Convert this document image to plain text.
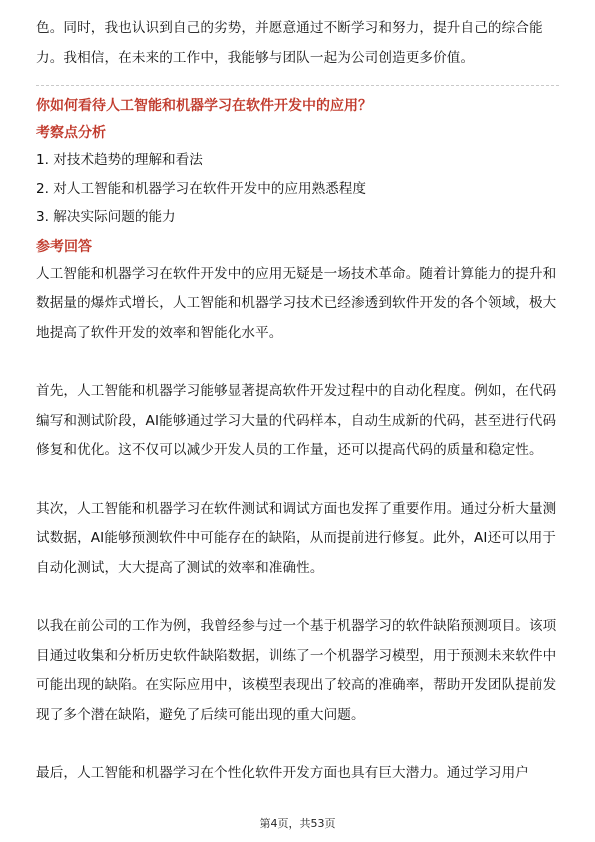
色。同时，我也认识到自己的劣势，并愿意通过不断学习和努力，提升自己的综合能力。我相信，在未来的工作中，我能够与团队一起为公司创造更多价值。

你如何看待人工智能和机器学习在软件开发中的应用？

考察点分析

1. 对技术趋势的理解和看法
2. 对人工智能和机器学习在软件开发中的应用熟悉程度
3. 解决实际问题的能力

参考回答

人工智能和机器学习在软件开发中的应用无疑是一场技术革命。随着计算能力的提升和数据量的爆炸式增长，人工智能和机器学习技术已经渗透到软件开发的各个领域，极大地提高了软件开发的效率和智能化水平。

首先，人工智能和机器学习能够显著提高软件开发过程中的自动化程度。例如，在代码编写和测试阶段，AI能够通过学习大量的代码样本，自动生成新的代码，甚至进行代码修复和优化。这不仅可以减少开发人员的工作量，还可以提高代码的质量和稳定性。

其次，人工智能和机器学习在软件测试和调试方面也发挥了重要作用。通过分析大量测试数据，AI能够预测软件中可能存在的缺陷，从而提前进行修复。此外，AI还可以用于自动化测试，大大提高了测试的效率和准确性。

以我在前公司的工作为例，我曾经参与过一个基于机器学习的软件缺陷预测项目。该项目通过收集和分析历史软件缺陷数据，训练了一个机器学习模型，用于预测未来软件中可能出现的缺陷。在实际应用中，该模型表现出了较高的准确率，帮助开发团队提前发现了多个潜在缺陷，避免了后续可能出现的重大问题。

最后，人工智能和机器学习在个性化软件开发方面也具有巨大潜力。通过学习用户

第4页，共53页
